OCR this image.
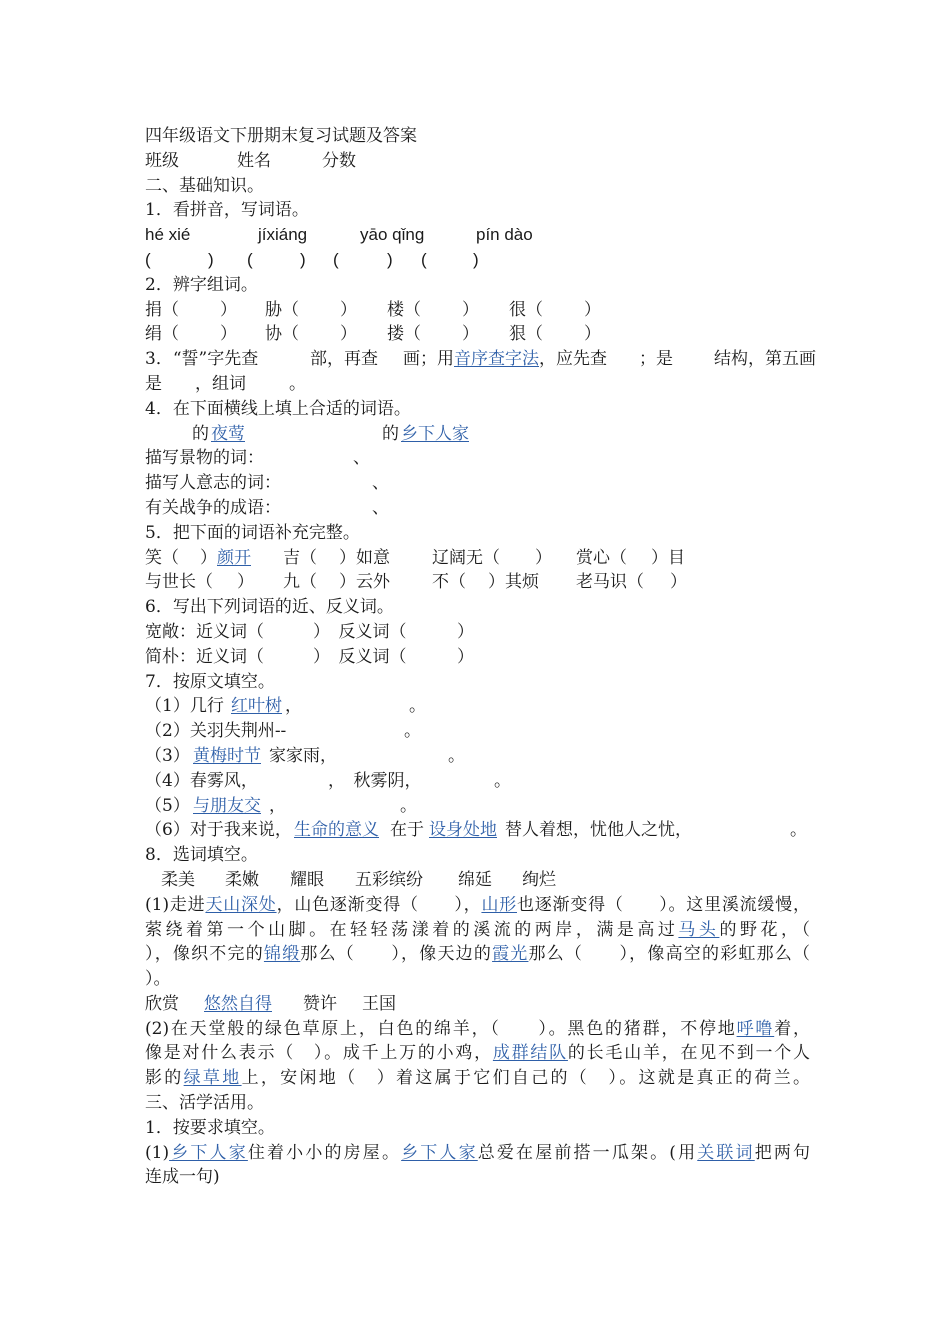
四年级语文下册期末复习试题及答案
班级	姓名	分数
二、基础知识。
1．看拼音，写词语。
hé xié	jíxiáng	yāo qǐng	pín dào
(	) (	) (	) (	)
2．辨字组词。
捐（ ） 胁（ ） 楼（ ） 很（ ）
绢（ ） 协（ ） 搂（ ） 狠（ ）
3．“誓”字先查	部，再查 画；用 音序查字法 ，应先查 ；是 结构，第五画
是 ，组词	。
4．在下面横线上填上合适的词语。
的 夜莺	的 乡下人家
描写景物的词：	、
描写人意志的词：	、
有关战争的成语：	、
5．把下面的词语补充完整。
笑（ ） 颜开 吉（ ）如意 辽阔无（ ） 赏心（ ）目
与世长（ ） 九（ ）云外 不（ ）其烦 老马识（ ）
6．写出下列词语的近、反义词。
宽敞：近义词（	）　反义词（	）
简朴：近义词（	）　反义词（	）
7．按原文填空。
（1）几行 红叶树 ，	。
（2）关羽失荆州--	。
（3） 黄梅时节 家家雨，	。
（4）春雾风，	，　秋雾阴，	。
（5） 与朋友交 ，	。
（6）对于我来说， 生命的意义 在于 设身处地 替人着想，忧他人之忧，	。
8．选词填空。
柔美 柔嫩 耀眼 五彩缤纷 绵延 绚烂
(1)走进天山深处，山色逐渐变得（　　），山形也逐渐变得（　　）。这里溪流缓慢，
萦绕着第一个山脚。在轻轻荡漾着的溪流的两岸，满是高过马头的野花，（
），像织不完的锦缎那么（　　），像天边的霞光那么（　　），像高空的彩虹那么（
）。
欣赏 悠然自得 赞许 王国
(2)在天堂般的绿色草原上，白色的绵羊，（　　）。黑色的猪群，不停地呼噜着，
像是对什么表示（　）。成千上万的小鸡，成群结队的长毛山羊，在见不到一个人
影的绿草地上，安闲地（　）着这属于它们自己的（　）。这就是真正的荷兰。
三、活学活用。
1．按要求填空。
(1)乡下人家住着小小的房屋。乡下人家总爱在屋前搭一瓜架。(用关联词把两句
连成一句)
